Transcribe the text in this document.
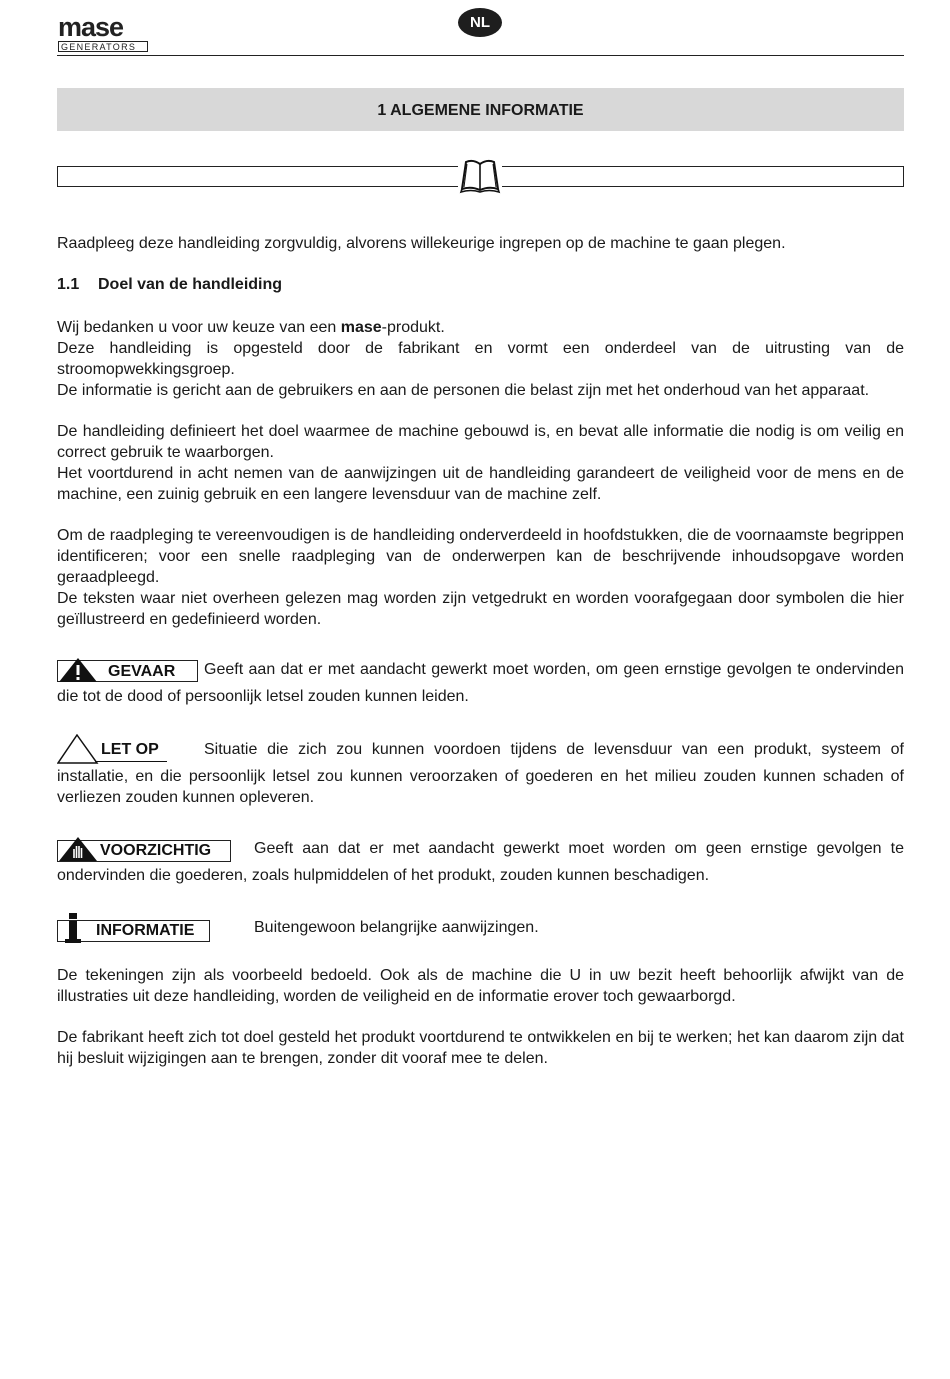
mase
GENERATORS
NL
1 ALGEMENE INFORMATIE
Raadpleeg deze handleiding zorgvuldig, alvorens willekeurige ingrepen op de machine te gaan plegen.
1.1 Doel van de handleiding

Wij bedanken u voor uw keuze van een mase-produkt.

Deze handleiding is opgesteld door de fabrikant en vormt een onderdeel van de uitrusting van de stroomopwekkingsgroep.

De informatie is gericht aan de gebruikers en aan de personen die belast zijn met het onderhoud van het apparaat.

De handleiding definieert het doel waarmee de machine gebouwd is, en bevat alle informatie die nodig is om veilig en correct gebruik te waarborgen.

Het voortdurend in acht nemen van de aanwijzingen uit de handleiding garandeert de veiligheid voor de mens en de machine, een zuinig gebruik en een langere levensduur van de machine zelf.

Om de raadpleging te vereenvoudigen is de handleiding onderverdeeld in hoofdstukken, die de voornaamste begrippen identificeren; voor een snelle raadpleging van de onderwerpen kan de beschrijvende inhoudsopgave worden geraadpleegd.

De teksten waar niet overheen gelezen mag worden zijn vetgedrukt en worden voorafgegaan door symbolen die hier geïllustreerd en gedefinieerd worden.

GEVAAR Geeft aan dat er met aandacht gewerkt moet worden, om geen ernstige gevolgen te ondervinden
die tot de dood of persoonlijk letsel zouden kunnen leiden.
LET OP	Situatie die zich zou kunnen voordoen tijdens de levensduur van een produkt, systeem of
installatie, en die persoonlijk letsel zou kunnen veroorzaken of goederen en het milieu zouden kunnen schaden of verliezen zouden kunnen opleveren.
VOORZICHTIG	Geeft aan dat er met aandacht gewerkt moet worden om geen ernstige gevolgen te
ondervinden die goederen, zoals hulpmiddelen of het produkt, zouden kunnen beschadigen.
INFORMATIE	Buitengewoon belangrijke aanwijzingen.
De tekeningen zijn als voorbeeld bedoeld. Ook als de machine die U in uw bezit heeft behoorlijk afwijkt van de illustraties uit deze handleiding, worden de veiligheid en de informatie erover toch gewaarborgd.
De fabrikant heeft zich tot doel gesteld het produkt voortdurend te ontwikkelen en bij te werken; het kan daarom zijn dat hij besluit wijzigingen aan te brengen, zonder dit vooraf mee te delen.
